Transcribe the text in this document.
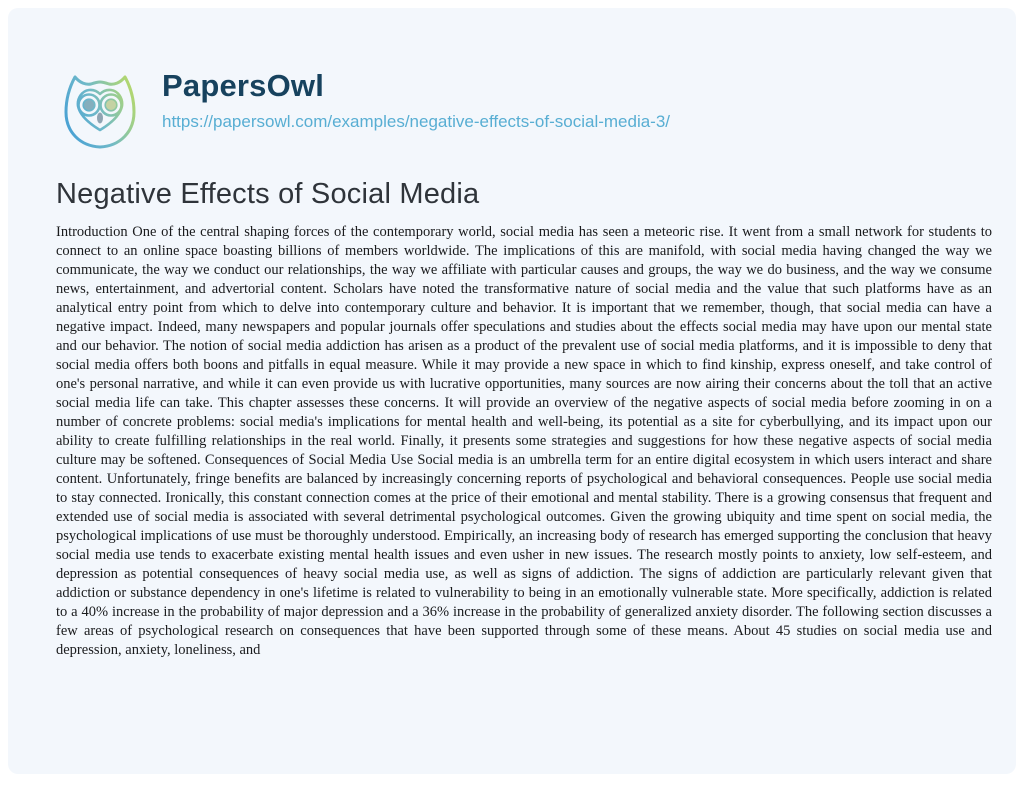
PapersOwl
https://papersowl.com/examples/negative-effects-of-social-media-3/
Negative Effects of Social Media

Introduction One of the central shaping forces of the contemporary world, social media has seen a meteoric rise. It went from a small network for students to connect to an online space boasting billions of members worldwide. The implications of this are manifold, with social media having changed the way we communicate, the way we conduct our relationships, the way we affiliate with particular causes and groups, the way we do business, and the way we consume news, entertainment, and advertorial content. Scholars have noted the transformative nature of social media and the value that such platforms have as an analytical entry point from which to delve into contemporary culture and behavior. It is important that we remember, though, that social media can have a negative impact. Indeed, many newspapers and popular journals offer speculations and studies about the effects social media may have upon our mental state and our behavior. The notion of social media addiction has arisen as a product of the prevalent use of social media platforms, and it is impossible to deny that social media offers both boons and pitfalls in equal measure. While it may provide a new space in which to find kinship, express oneself, and take control of one's personal narrative, and while it can even provide us with lucrative opportunities, many sources are now airing their concerns about the toll that an active social media life can take. This chapter assesses these concerns. It will provide an overview of the negative aspects of social media before zooming in on a number of concrete problems: social media's implications for mental health and well-being, its potential as a site for cyberbullying, and its impact upon our ability to create fulfilling relationships in the real world. Finally, it presents some strategies and suggestions for how these negative aspects of social media culture may be softened. Consequences of Social Media Use Social media is an umbrella term for an entire digital ecosystem in which users interact and share content. Unfortunately, fringe benefits are balanced by increasingly concerning reports of psychological and behavioral consequences. People use social media to stay connected. Ironically, this constant connection comes at the price of their emotional and mental stability. There is a growing consensus that frequent and extended use of social media is associated with several detrimental psychological outcomes. Given the growing ubiquity and time spent on social media, the psychological implications of use must be thoroughly understood. Empirically, an increasing body of research has emerged supporting the conclusion that heavy social media use tends to exacerbate existing mental health issues and even usher in new issues. The research mostly points to anxiety, low self-esteem, and depression as potential consequences of heavy social media use, as well as signs of addiction. The signs of addiction are particularly relevant given that addiction or substance dependency in one's lifetime is related to vulnerability to being in an emotionally vulnerable state. More specifically, addiction is related to a 40% increase in the probability of major depression and a 36% increase in the probability of generalized anxiety disorder. The following section discusses a few areas of psychological research on consequences that have been supported through some of these means. About 45 studies on social media use and depression, anxiety, loneliness, and
